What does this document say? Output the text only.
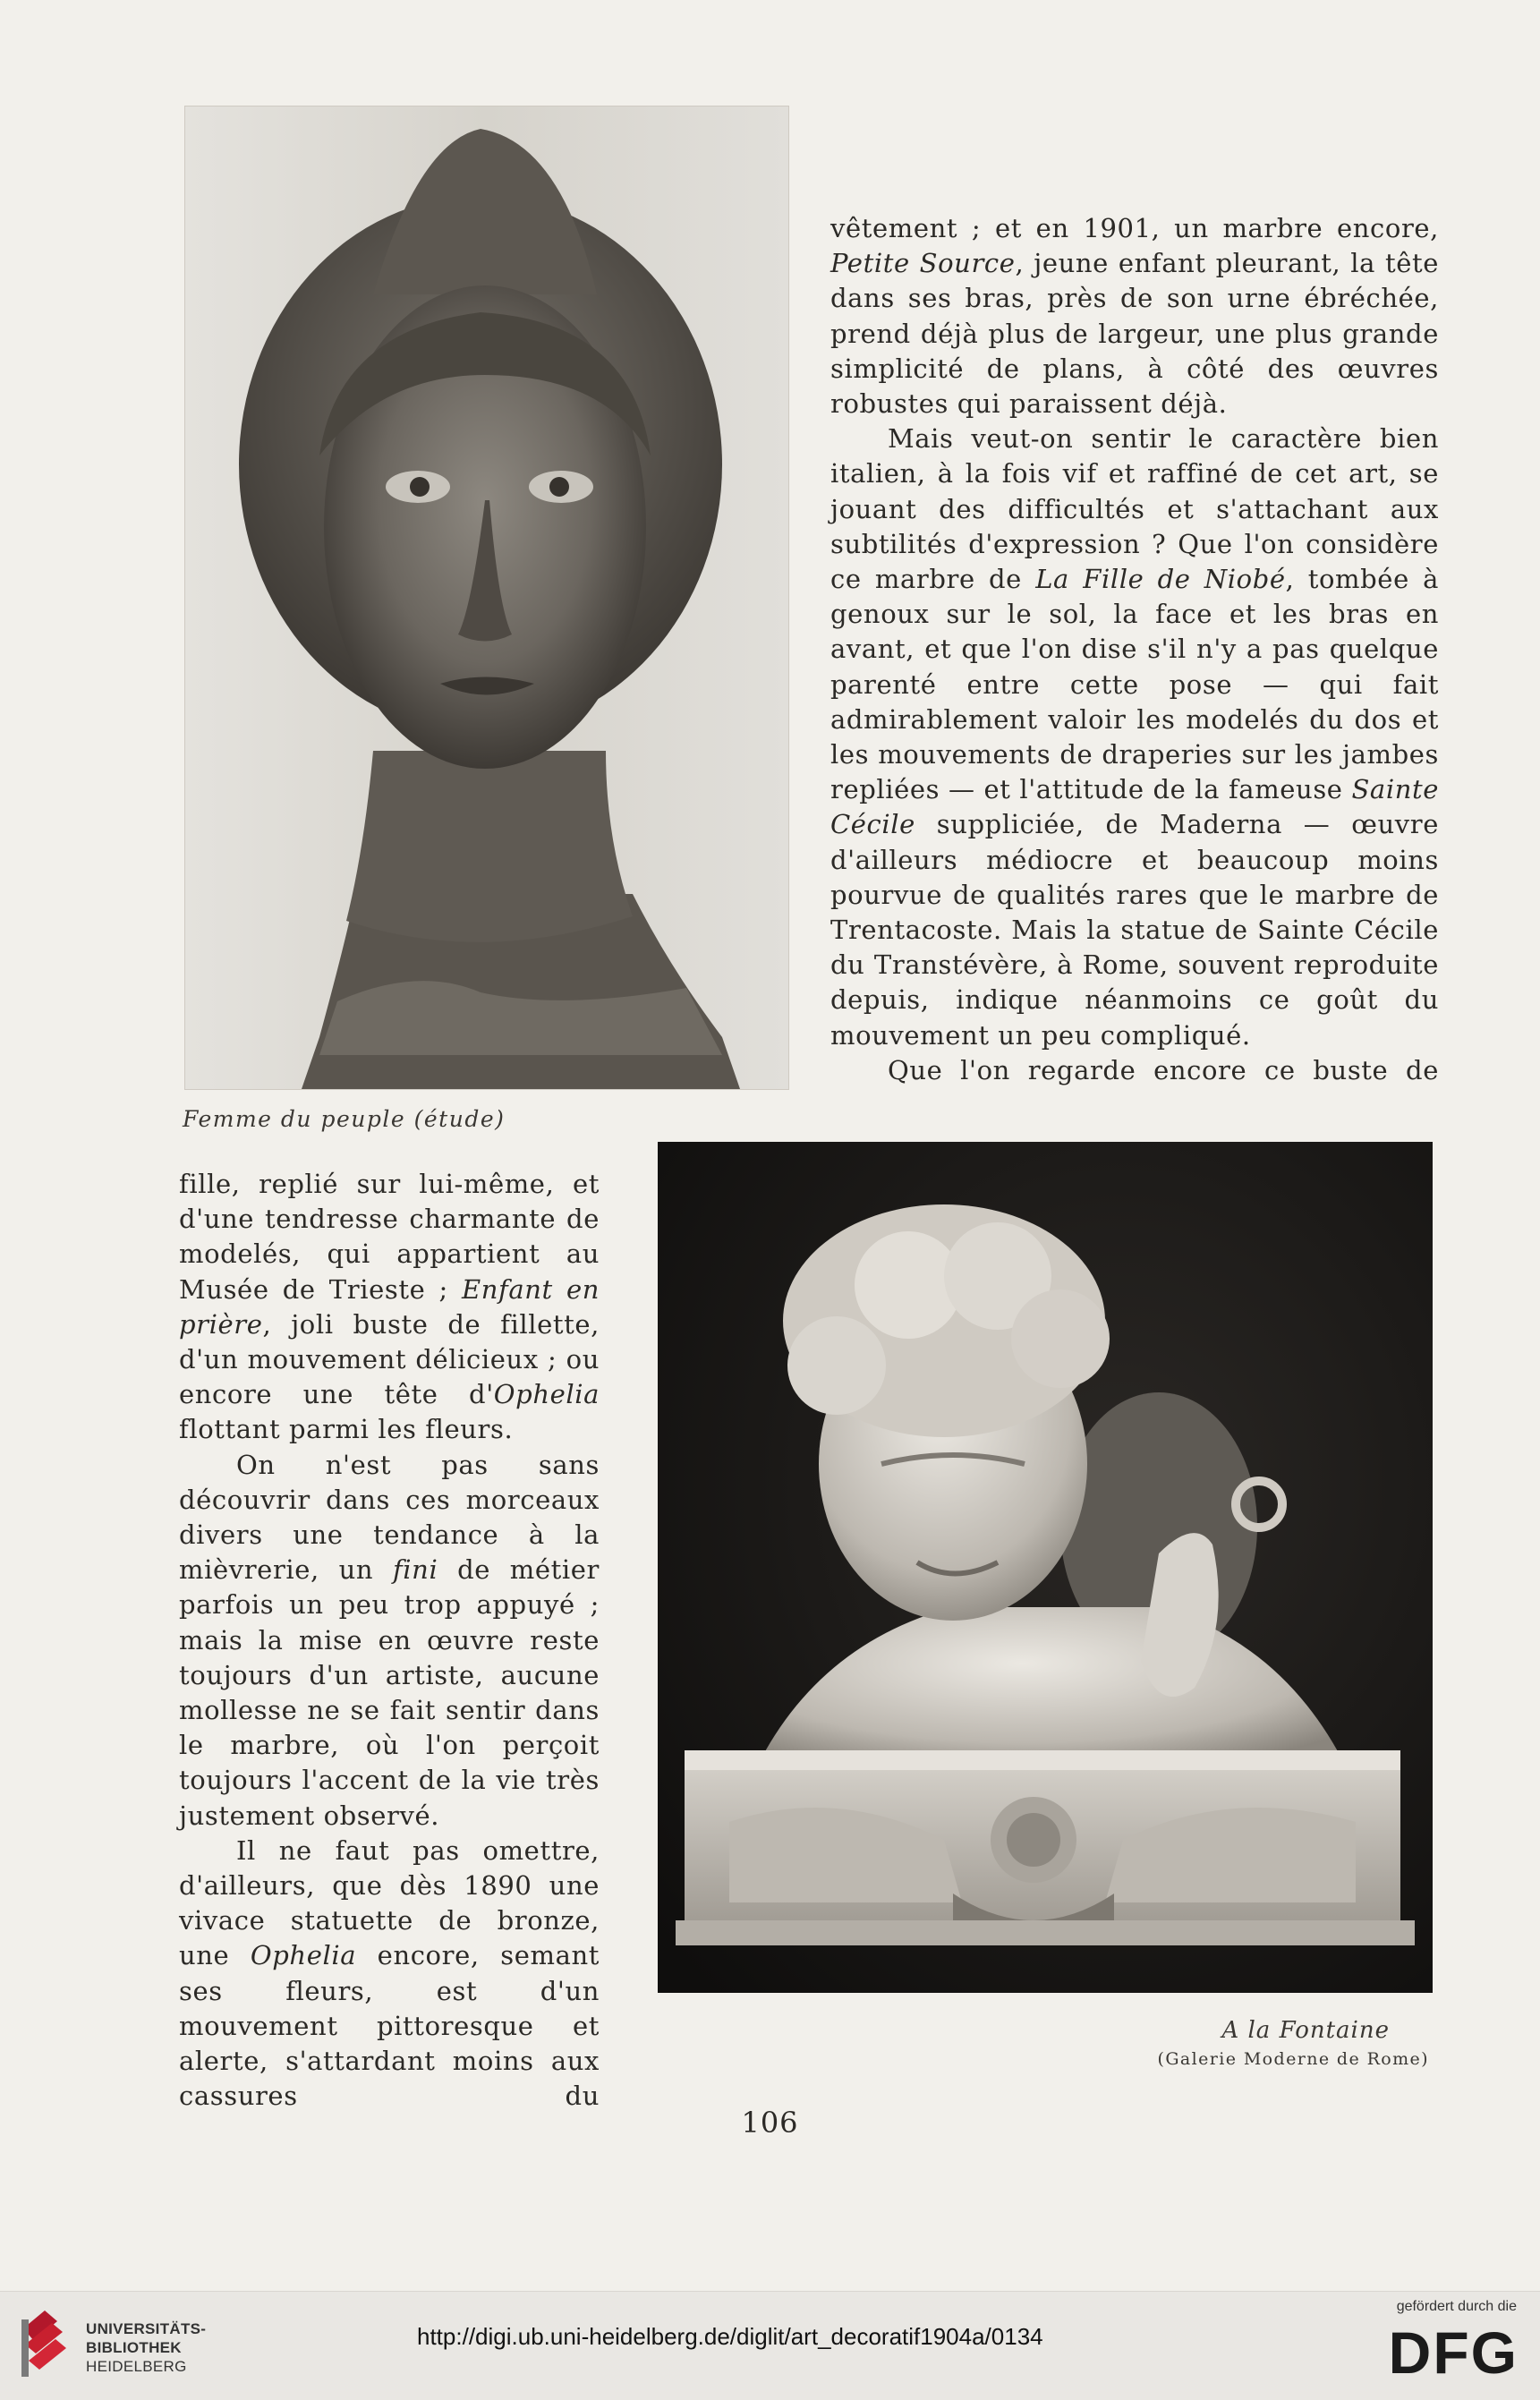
Femme du peuple (étude)

vêtement ; et en 1901, un marbre encore, Petite Source, jeune enfant pleurant, la tête dans ses bras, près de son urne ébréchée, prend déjà plus de largeur, une plus grande simplicité de plans, à côté des œuvres robustes qui paraissent déjà.

Mais veut-on sentir le caractère bien italien, à la fois vif et raffiné de cet art, se jouant des difficultés et s'attachant aux subtilités d'expression ? Que l'on considère ce marbre de La Fille de Niobé, tombée à genoux sur le sol, la face et les bras en avant, et que l'on dise s'il n'y a pas quelque parenté entre cette pose — qui fait admirablement valoir les modelés du dos et les mouvements de draperies sur les jambes repliées — et l'attitude de la fameuse Sainte Cécile suppliciée, de Maderna — œuvre d'ailleurs médiocre et beaucoup moins pourvue de qualités rares que le marbre de Trentacoste. Mais la statue de Sainte Cécile du Transtévère, à Rome, souvent reproduite depuis, indique néanmoins ce goût du mouvement un peu compliqué.

Que l'on regarde encore ce buste de

fille, replié sur lui-même, et d'une tendresse charmante de modelés, qui appartient au Musée de Trieste ; Enfant en prière, joli buste de fillette, d'un mouvement délicieux ; ou encore une tête d'Ophelia flottant parmi les fleurs.

On n'est pas sans découvrir dans ces morceaux divers une tendance à la mièvrerie, un fini de métier parfois un peu trop appuyé ; mais la mise en œuvre reste toujours d'un artiste, aucune mollesse ne se fait sentir dans le marbre, où l'on perçoit toujours l'accent de la vie très justement observé.

Il ne faut pas omettre, d'ailleurs, que dès 1890 une vivace statuette de bronze, une Ophelia encore, semant ses fleurs, est d'un mouvement pittoresque et alerte, s'attardant moins aux cassures du

A la Fontaine
(Galerie Moderne de Rome)
106
UNIVERSITÄTS-
BIBLIOTHEK
HEIDELBERG
http://digi.ub.uni-heidelberg.de/diglit/art_decoratif1904a/0134
gefördert durch die
DFG
